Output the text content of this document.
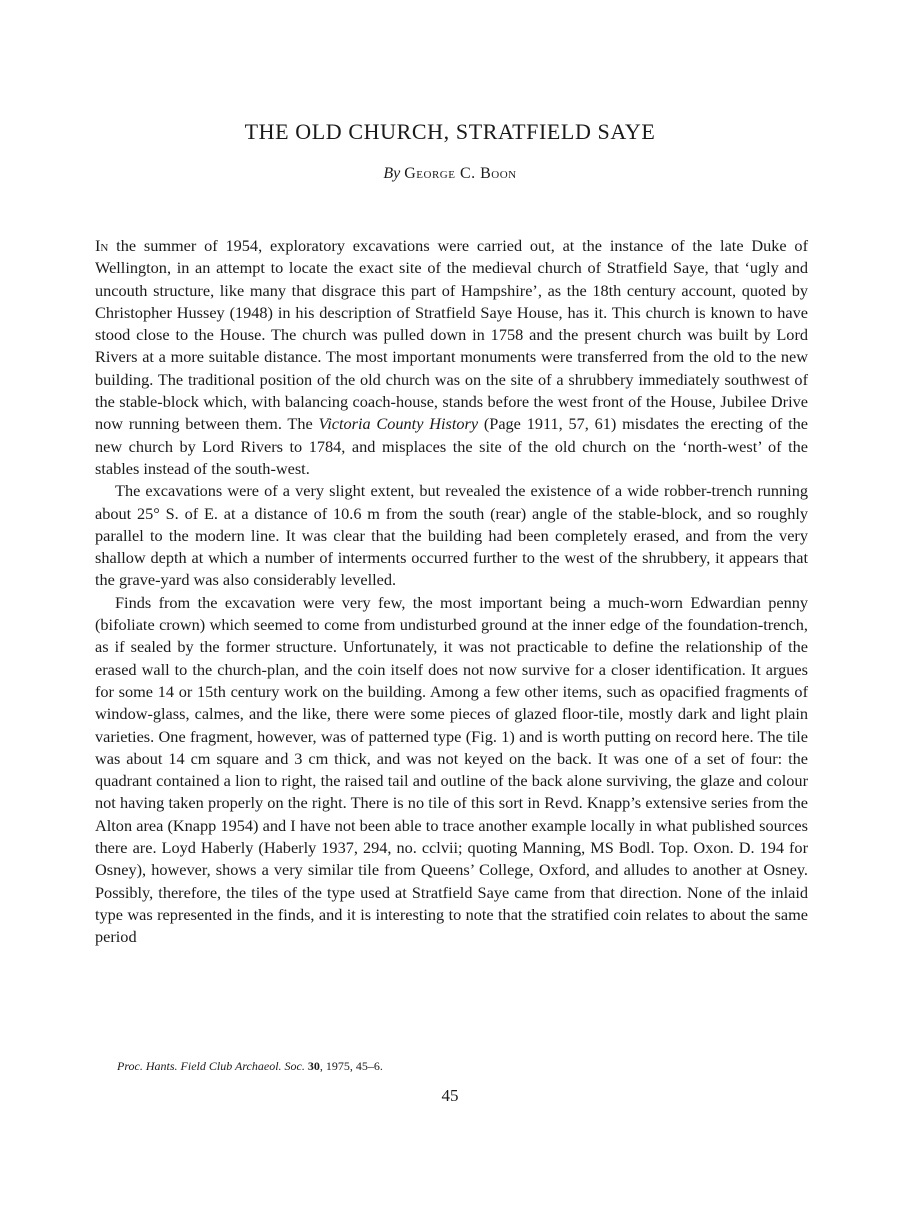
THE OLD CHURCH, STRATFIELD SAYE
By George C. Boon

In the summer of 1954, exploratory excavations were carried out, at the instance of the late Duke of Wellington, in an attempt to locate the exact site of the medieval church of Stratfield Saye, that ‘ugly and uncouth structure, like many that disgrace this part of Hampshire’, as the 18th century account, quoted by Christopher Hussey (1948) in his description of Stratfield Saye House, has it. This church is known to have stood close to the House. The church was pulled down in 1758 and the present church was built by Lord Rivers at a more suitable distance. The most important monuments were transferred from the old to the new building. The traditional position of the old church was on the site of a shrubbery immediately southwest of the stable-block which, with balancing coach-house, stands before the west front of the House, Jubilee Drive now running between them. The Victoria County History (Page 1911, 57, 61) misdates the erecting of the new church by Lord Rivers to 1784, and misplaces the site of the old church on the ‘north-west’ of the stables instead of the south-west.

The excavations were of a very slight extent, but revealed the existence of a wide robber-trench running about 25° S. of E. at a distance of 10.6 m from the south (rear) angle of the stable-block, and so roughly parallel to the modern line. It was clear that the building had been completely erased, and from the very shallow depth at which a number of interments occurred further to the west of the shrubbery, it appears that the grave-yard was also considerably levelled.

Finds from the excavation were very few, the most important being a much-worn Edwardian penny (bifoliate crown) which seemed to come from undisturbed ground at the inner edge of the foundation-trench, as if sealed by the former structure. Unfortunately, it was not practicable to define the relationship of the erased wall to the church-plan, and the coin itself does not now survive for a closer identification. It argues for some 14 or 15th century work on the building. Among a few other items, such as opacified fragments of window-glass, calmes, and the like, there were some pieces of glazed floor-tile, mostly dark and light plain varieties. One fragment, however, was of patterned type (Fig. 1) and is worth putting on record here. The tile was about 14 cm square and 3 cm thick, and was not keyed on the back. It was one of a set of four: the quadrant contained a lion to right, the raised tail and outline of the back alone surviving, the glaze and colour not having taken properly on the right. There is no tile of this sort in Revd. Knapp’s extensive series from the Alton area (Knapp 1954) and I have not been able to trace another example locally in what published sources there are. Loyd Haberly (Haberly 1937, 294, no. cclvii; quoting Manning, MS Bodl. Top. Oxon. D. 194 for Osney), however, shows a very similar tile from Queens’ College, Oxford, and alludes to another at Osney. Possibly, therefore, the tiles of the type used at Stratfield Saye came from that direction. None of the inlaid type was represented in the finds, and it is interesting to note that the stratified coin relates to about the same period

Proc. Hants. Field Club Archaeol. Soc. 30, 1975, 45–6.
45
